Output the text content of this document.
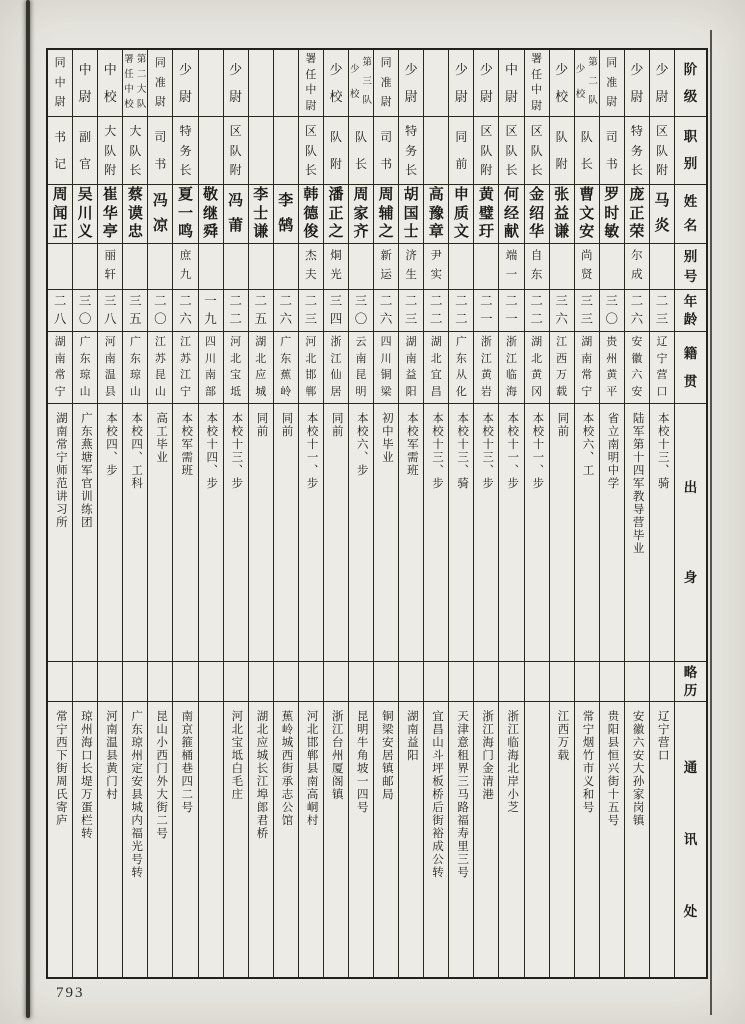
阶
级
职
别
姓
名
别
号
年
龄
籍
贯
出
身
略
历
通
讯
处
少
尉
区
队
附
马
炎
二
三
辽
宁
营
口
本校十三、骑
辽宁营口
少
尉
特
务
长
庞
正
荣
尔
成
二
六
安
徽
六
安
陆军第十四军教导营毕业
安徽六安大孙家岗镇
同
准
尉
司
书
罗
时
敏
三
〇
贵
州
黄
平
省立南明中学
贵阳县恒兴街十五号
第
二
队
少
校
队
长
曹
文
安
尚
贤
三
三
湖
南
常
宁
本校六、工
常宁烟竹市义和号
少
校
队
附
张
益
谦
三
六
江
西
万
载
同前
江西万载
署
任
中
尉
区
队
长
金
绍
华
自
东
二
二
湖
北
黄
冈
本校十一、步
中
尉
区
队
长
何
经
献
端
一
二
一
浙
江
临
海
本校十一、步
浙江临海北岸小芝
少
尉
区
队
附
黄
璧
玗
二
一
浙
江
黄
岩
本校十三、步
浙江海门金清港
少
尉
同
前
申
质
文
二
二
广
东
从
化
本校十三、骑
天津意租界三马路福寿里三号
高
豫
章
尹
实
二
二
湖
北
宜
昌
本校十三、步
宜昌山斗坪板桥后街裕成公转
少
尉
特
务
长
胡
国
士
济
生
二
三
湖
南
益
阳
本校军需班
湖南益阳
同
准
尉
司
书
周
辅
之
新
运
二
六
四
川
铜
梁
初中毕业
铜梁安居镇邮局
第
三
队
少
校
队
长
周
家
齐
三
〇
云
南
昆
明
本校六、步
昆明牛角坡一四号
少
校
队
附
潘
正
之
烔
光
三
四
浙
江
仙
居
同前
浙江台州厦阁镇
署
任
中
尉
区
队
长
韩
德
俊
杰
夫
二
三
河
北
邯
郸
本校十一、步
河北邯郸县南高峒村
李
鹄
二
六
广
东
蕉
岭
同前
蕉岭城西街承志公馆
李
士
谦
二
五
湖
北
应
城
同前
湖北应城长江埠郎君桥
少
尉
区
队
附
冯
莆
二
二
河
北
宝
坻
本校十三、步
河北宝坻白毛庄
敬
继
舜
一
九
四
川
南
部
本校十四、步
少
尉
特
务
长
夏
一
鸣
庶
九
二
六
江
苏
江
宁
本校军需班
南京箍桶巷四二号
同
准
尉
司
书
冯
凉
二
〇
江
苏
昆
山
高工毕业
昆山小西门外大街二号
第
二
大
队
署
任
中
校
大
队
长
蔡
谟
忠
三
五
广
东
琼
山
本校四、工科
广东琼州定安县城内福光号转
中
校
大
队
附
崔
华
亭
丽
轩
三
八
河
南
温
县
本校四、步
河南温县黄门村
中
尉
副
官
吴
川
义
三
〇
广
东
琼
山
广东燕塘军官训练团
琼州海口长堤万蛋栏转
同
中
尉
书
记
周
闻
正
二
八
湖
南
常
宁
湖南常宁师范讲习所
常宁西下街周氏寄庐
793
